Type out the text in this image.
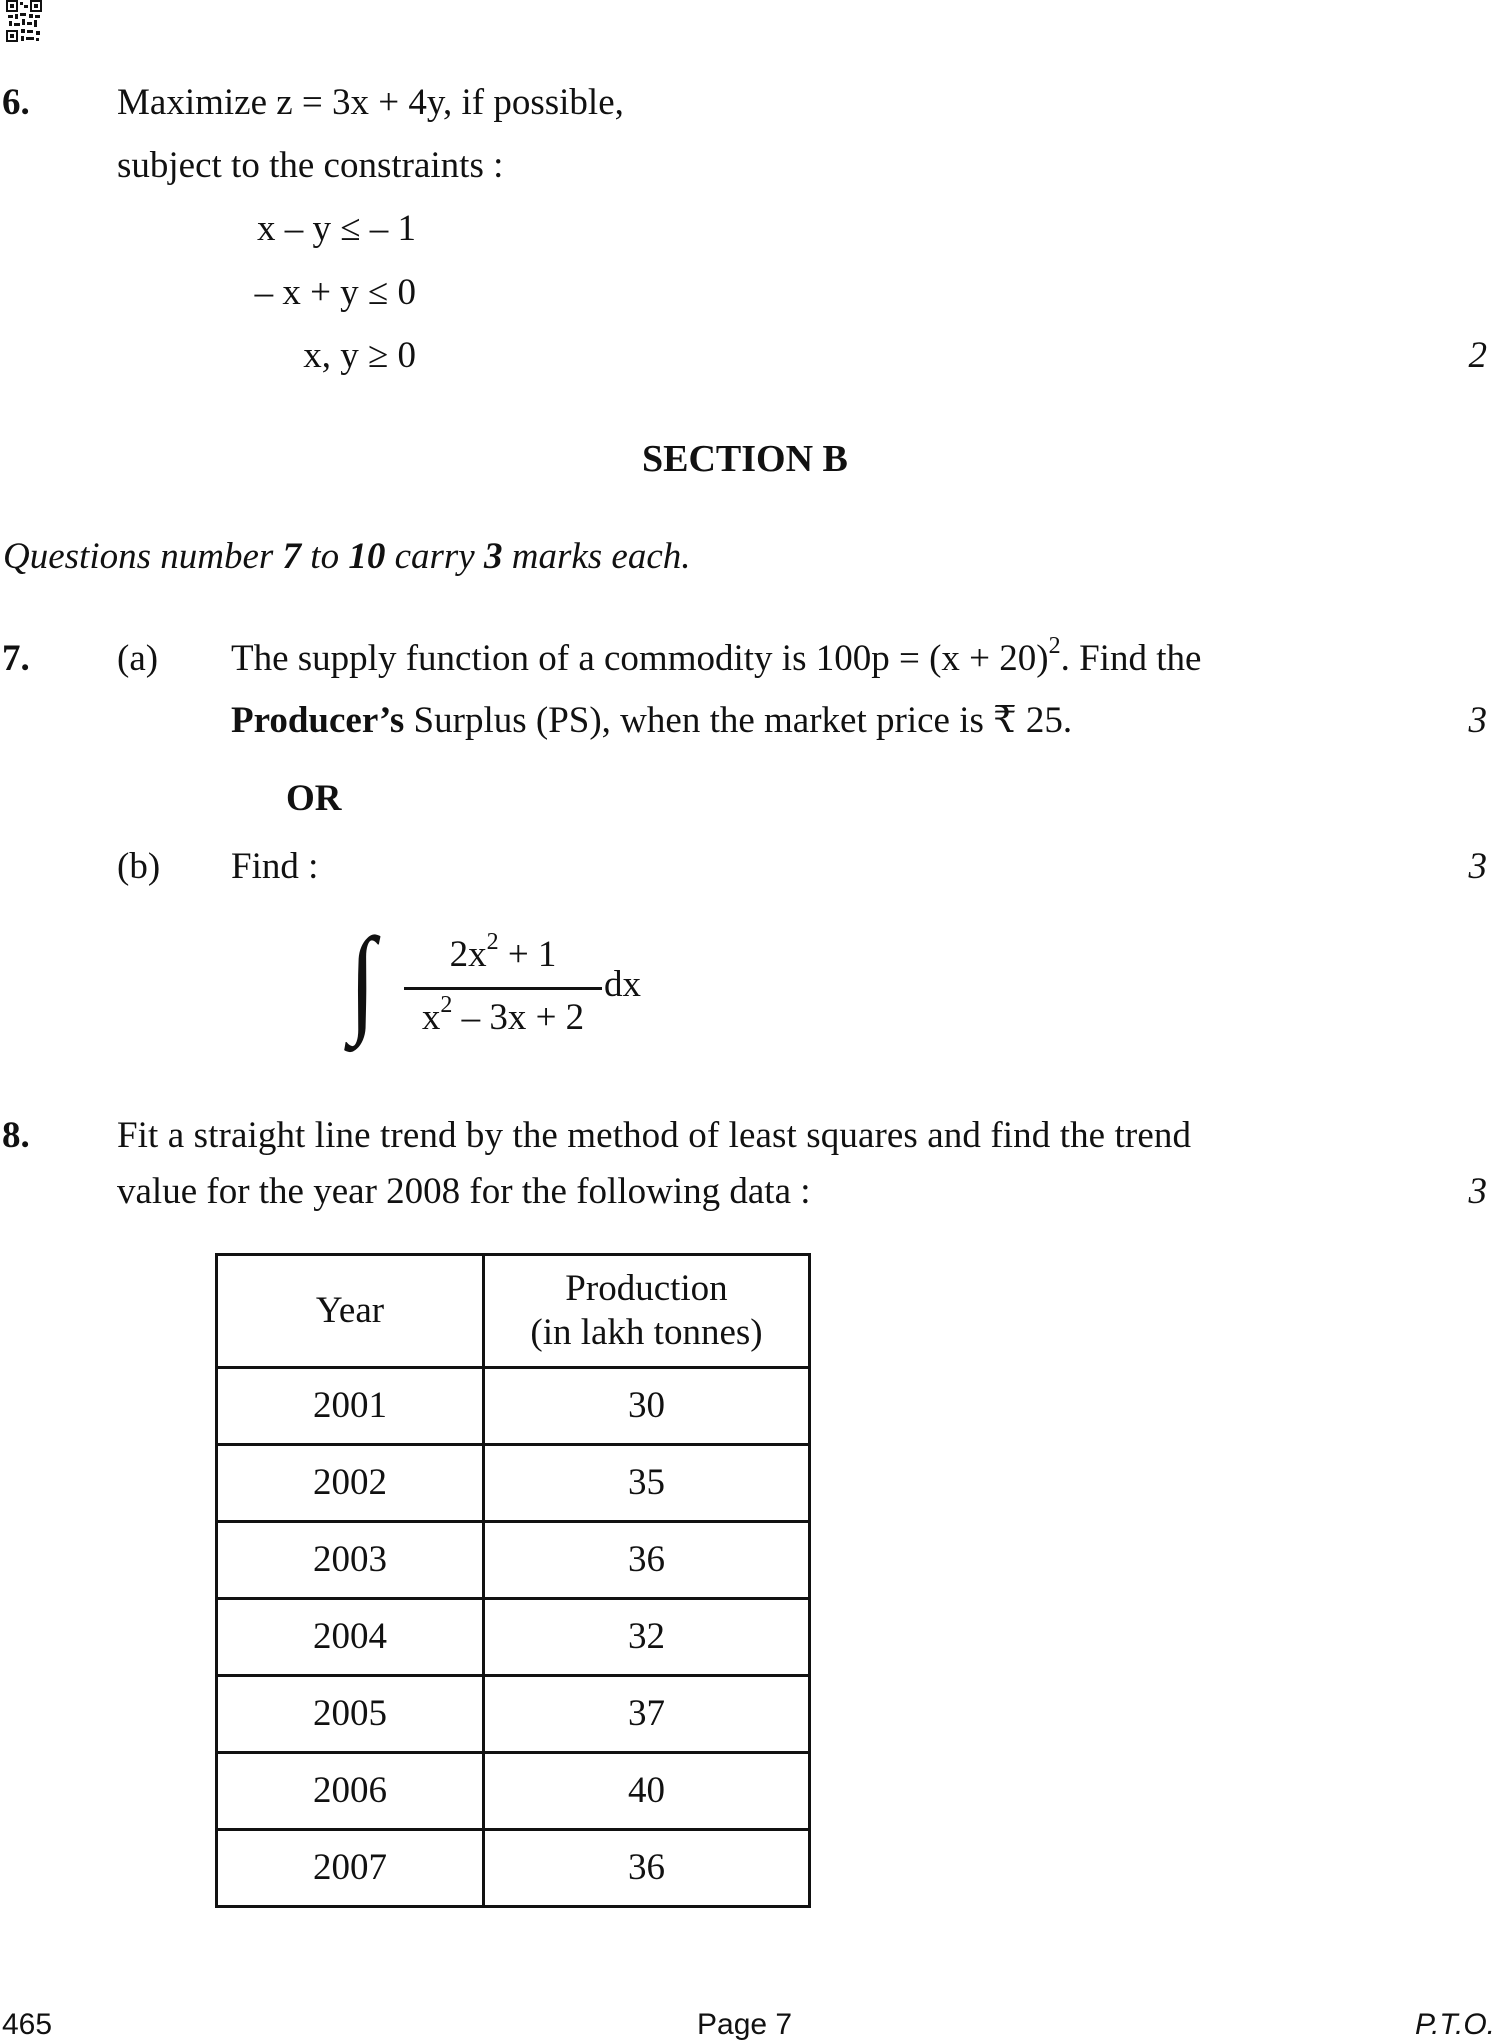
6. Maximize z = 3x + 4y, if possible,
subject to the constraints :
x – y ≤ – 1
– x + y ≤ 0
x, y ≥ 0	2
SECTION B
Questions number 7 to 10 carry 3 marks each.
7. (a) The supply function of a commodity is $100p = (x + 20)^2$. Find the
Producer’s Surplus (PS), when the market price is ₹ 25.	3
OR
(b) Find :	3
∫	$2x^2 + 1$
$x^2 - 3x + 2$
dx
8. Fit a straight line trend by the method of least squares and find the trend
value for the year 2008 for the following data :	3
Year	Production
(in lakh tonnes)
2001	30
2002	35
2003	36
2004	32
2005	37
2006	40
2007	36
465	Page 7	P.T.O.
